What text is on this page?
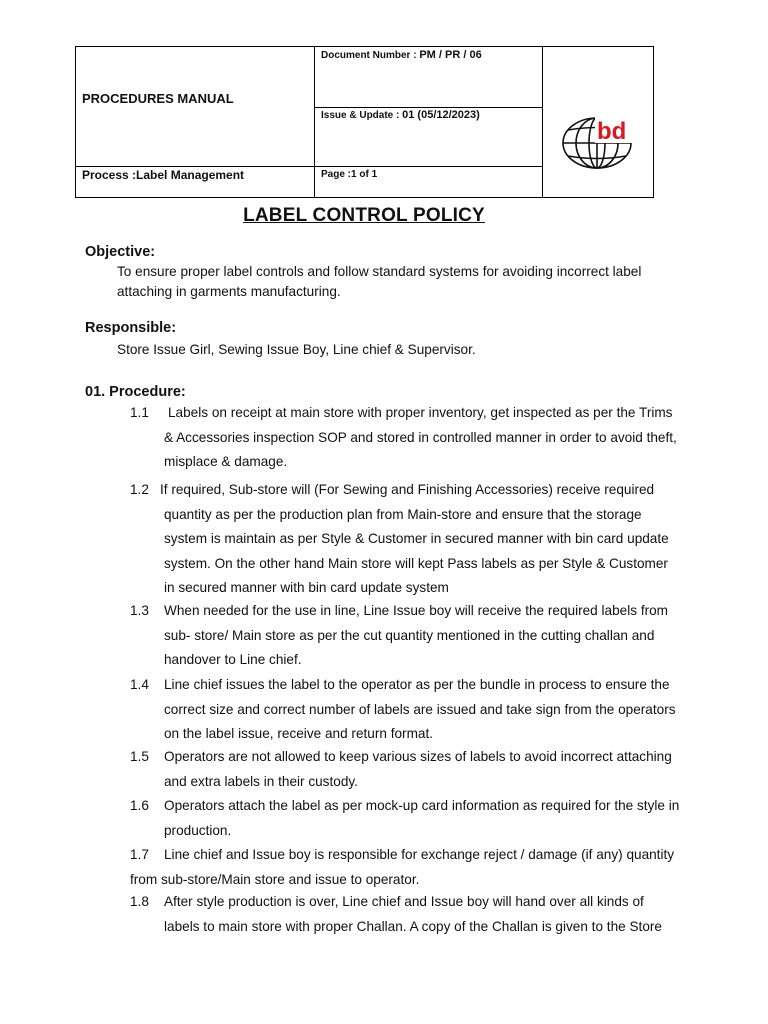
PROCEDURES MANUAL
Document Number : PM / PR / 06
Issue & Update : 01 (05/12/2023)
Process :Label Management	Page :1 of 1
bd
LABEL CONTROL POLICY
Objective:
To ensure proper label controls and follow standard systems for avoiding incorrect label
attaching in garments manufacturing.
Responsible:
Store Issue Girl, Sewing Issue Boy, Line chief & Supervisor.
01. Procedure:
1.1 Labels on receipt at main store with proper inventory, get inspected as per the Trims
& Accessories inspection SOP and stored in controlled manner in order to avoid theft,
misplace & damage.
1.2 If required, Sub-store will (For Sewing and Finishing Accessories) receive required
quantity as per the production plan from Main-store and ensure that the storage
system is maintain as per Style & Customer in secured manner with bin card update
system. On the other hand Main store will kept Pass labels as per Style & Customer
in secured manner with bin card update system
1.3 When needed for the use in line, Line Issue boy will receive the required labels from
sub- store/ Main store as per the cut quantity mentioned in the cutting challan and
handover to Line chief.
1.4 Line chief issues the label to the operator as per the bundle in process to ensure the
correct size and correct number of labels are issued and take sign from the operators
on the label issue, receive and return format.
1.5 Operators are not allowed to keep various sizes of labels to avoid incorrect attaching
and extra labels in their custody.
1.6 Operators attach the label as per mock-up card information as required for the style in
production.
1.7 Line chief and Issue boy is responsible for exchange reject / damage (if any) quantity
from sub-store/Main store and issue to operator.
1.8 After style production is over, Line chief and Issue boy will hand over all kinds of
labels to main store with proper Challan. A copy of the Challan is given to the Store
